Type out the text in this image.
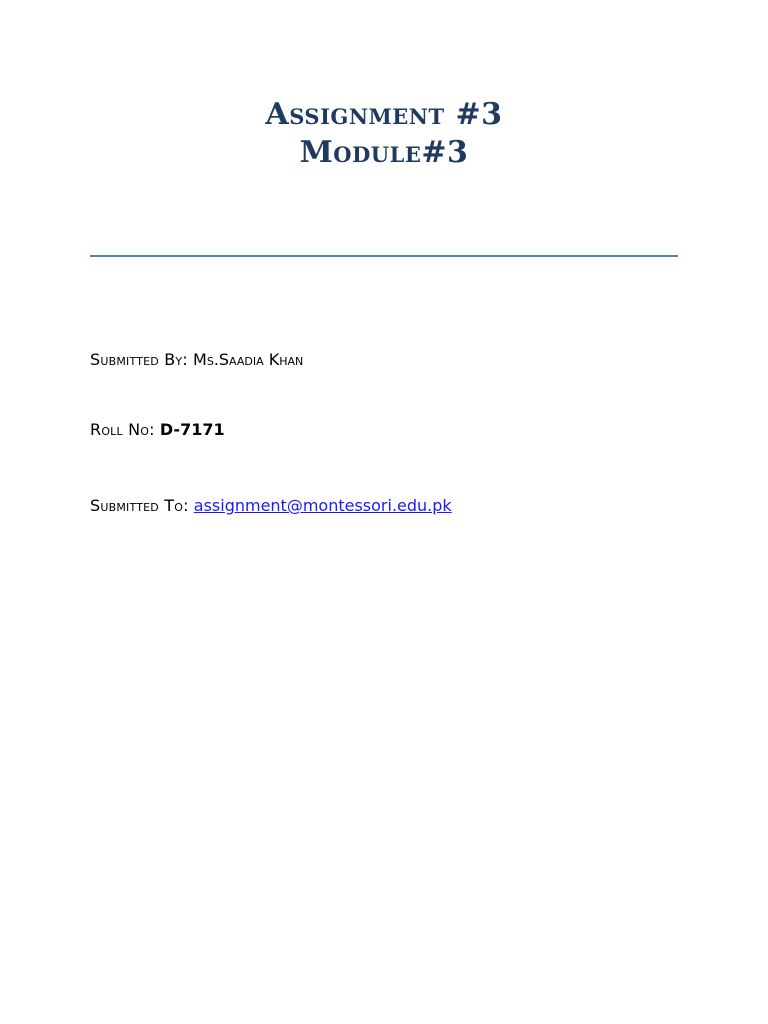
Assignment #3
Module#3
Submitted By: Ms.Saadia Khan
Roll No: D-7171
Submitted To: assignment@montessori.edu.pk
